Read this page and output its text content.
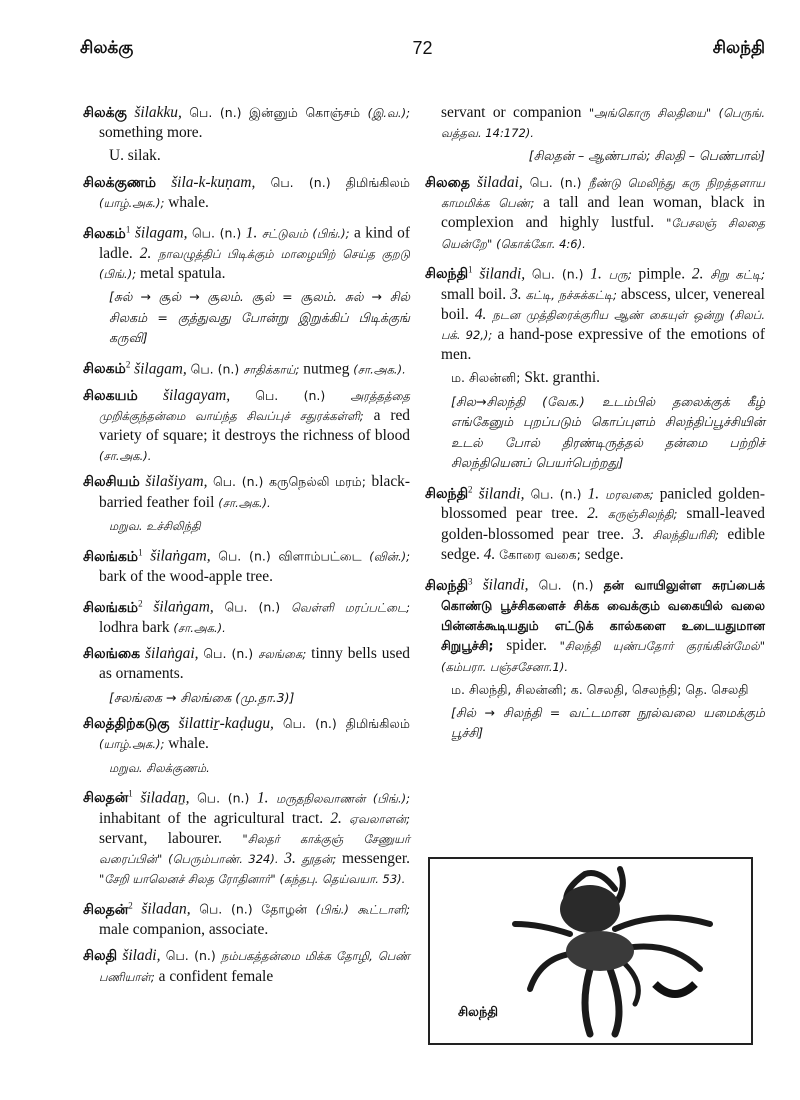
சிலக்கு	72	சிலந்தி

சிலக்கு šilakku, பெ. (n.) இன்னும் கொஞ்சம் (இ.வ.); something more.

U. silak.

சிலக்குணம் šila-k-kuṇam, பெ. (n.) திமிங்கிலம் (யாழ்.அக.); whale.

சிலகம்$^1$ šilagam, பெ. (n.) 1. சட்டுவம் (பிங்.); a kind of ladle. 2. நாவழுத்திப் பிடிக்கும் மாழையிற் செய்த குறடு (பிங்.); metal spatula.

[சுல் → சூல் → சூலம். சூல் = சூலம். சுல் → சில் சிலகம் = குத்துவது போன்று இறுக்கிப் பிடிக்குங் கருவி]

சிலகம்$^2$ šilagam, பெ. (n.) சாதிக்காய்; nutmeg (சா.அக.).

சிலகயம் šilagayam, பெ. (n.) அரத்தத்தை முறிக்குந்தன்மை வாய்ந்த சிவப்புச் சதுரக்கள்ளி; a red variety of square; it destroys the richness of blood (சா.அக.).

சிலசியம் šilašiyam, பெ. (n.) கருநெல்லி மரம்; black-barried feather foil (சா.அக.).

மறுவ. உச்சிலிந்தி

சிலங்கம்$^1$ šilaṅgam, பெ. (n.) விளாம்பட்டை (வின்.); bark of the wood-apple tree.

சிலங்கம்$^2$ šilaṅgam, பெ. (n.) வெள்ளி மரப்பட்டை; lodhra bark (சா.அக.).

சிலங்கை šilaṅgai, பெ. (n.) சலங்கை; tinny bells used as ornaments.

[சலங்கை → சிலங்கை (மு.தா.3)]

சிலத்திற்கடுகு šilattiṟ-kaḍugu, பெ. (n.) திமிங்கிலம் (யாழ்.அக.); whale.

மறுவ. சிலக்குணம்.

சிலதன்$^1$ šiladaṉ, பெ. (n.) 1. மருதநிலவாணன் (பிங்.); inhabitant of the agricultural tract. 2. ஏவலாளன்; servant, labourer. "சிலதர் காக்குஞ் சேணுயர் வரைப்பின்" (பெரும்பாண். 324). 3. தூதன்; messenger. "சேறி யாலெனச் சிலத ரோதினார்" (கந்தபு. தெய்வயா. 53).

சிலதன்$^2$ šiladan, பெ. (n.) தோழன் (பிங்.) கூட்டாளி; male companion, associate.

சிலதி šiladi, பெ. (n.) நம்பகத்தன்மை மிக்க தோழி, பெண் பணியாள்; a confident female

servant or companion "அங்கொரு சிலதியை" (பெருங். வத்தவ. 14:172).
[சிலதன் – ஆண்பால்; சிலதி – பெண்பால்]

சிலதை šiladai, பெ. (n.) நீண்டு மெலிந்து கரு நிறத்தளாய காமமிக்க பெண்; a tall and lean woman, black in complexion and highly lustful. "பேசலஞ் சிலதை யென்றே" (கொக்கோ. 4:6).

சிலந்தி$^1$ šilandi, பெ. (n.) 1. பரு; pimple. 2. சிறு கட்டி; small boil. 3. கட்டி, நச்சுக்கட்டி; abscess, ulcer, venereal boil. 4. நடன முத்திரைக்குரிய ஆண் கையுள் ஒன்று (சிலப். பக். 92,); a hand-pose expressive of the emotions of men.

ம. சிலன்னி; Skt. granthi.
[சில→சிலந்தி (வேக.) உடம்பில் தலைக்குக் கீழ் எங்கேனும் புறப்படும் கொப்புளம் சிலந்திப்பூச்சியின் உடல் போல் திரண்டிருத்தல் தன்மை பற்றிச் சிலந்தியெனப் பெயர்பெற்றது]

சிலந்தி$^2$ šilandi, பெ. (n.) 1. மரவகை; panicled golden-blossomed pear tree. 2. கருஞ்சிலந்தி; small-leaved golden-blossomed pear tree. 3. சிலந்தியரிசி; edible sedge. 4. கோரை வகை; sedge.

சிலந்தி$^3$ šilandi, பெ. (n.) தன் வாயிலுள்ள சுரப்பைக் கொண்டு பூச்சிகளைச் சிக்க வைக்கும் வகையில் வலை பின்னக்கூடியதும் எட்டுக் கால்களை உடையதுமான சிறுபூச்சி; spider. "சிலந்தி யுண்பதோர் குரங்கின்மேல்" (கம்பரா. பஞ்சசேனா.1).

ம. சிலந்தி, சிலன்னி; க. செலதி, செலந்தி; தெ. செலதி
[சில் → சிலந்தி = வட்டமான நூல்வலை யமைக்கும் பூச்சி]
சிலந்தி
